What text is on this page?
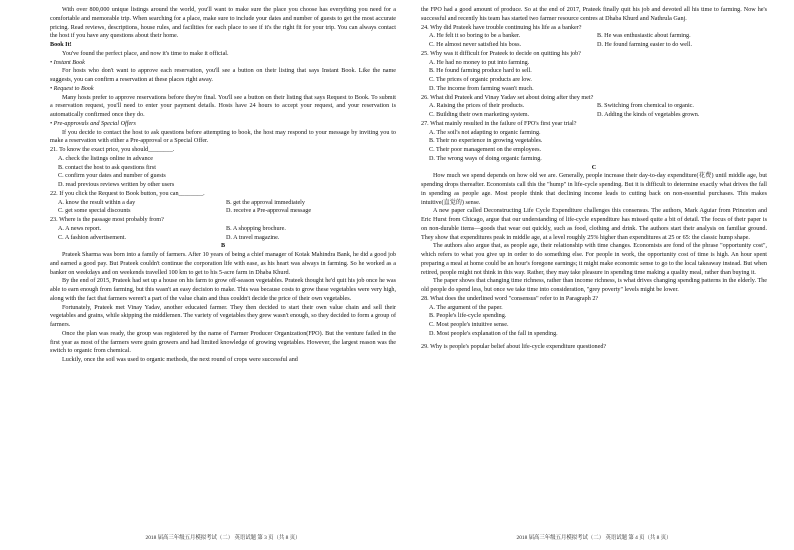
With over 800,000 unique listings around the world, you'll want to make sure the place you choose has everything you need for a comfortable and memorable trip. When searching for a place, make sure to include your dates and number of guests to get the most accurate pricing. Read reviews, descriptions, house rules, and facilities for each place to see if it's the right fit for your trip. You can always contact the host if you have any questions about their home.

Book It!

You've found the perfect place, and now it's time to make it official.

• Instant Book

For hosts who don't want to approve each reservation, you'll see a button on their listing that says Instant Book. Like the name suggests, you can confirm a reservation at these places right away.

• Request to Book

Many hosts prefer to approve reservations before they're final. You'll see a button on their listing that says Request to Book. To submit a reservation request, you'll need to enter your payment details. Hosts have 24 hours to accept your request, and your reservation is automatically confirmed once they do.

• Pre-approvals and Special Offers

If you decide to contact the host to ask questions before attempting to book, the host may respond to your message by inviting you to make a reservation with either a Pre-approval or a Special Offer.

21. To know the exact price, you should________.

A. check the listings online in advance

B. contact the host to ask questions first

C. confirm your dates and number of guests

D. read previous reviews written by other users

22. If you click the Request to Book button, you can________.

A. know the result within a day	B. get the approval immediately
C. get some special discounts	D. receive a Pre-approval message

23. Where is the passage most probably from?

A. A news report.	B. A shopping brochure.
C. A fashion advertisement.	D. A travel magazine.

B

Prateek Sharma was born into a family of farmers. After 10 years of being a chief manager of Kotak Mahindra Bank, he did a good job and earned a good pay. But Prateek couldn't continue the corporation life with ease, as his heart was always in farming. So he worked as a banker on weekdays and on weekends travelled 100 km to get to his 5-acre farm in Dhaba Khurd.

By the end of 2015, Prateek had set up a house on his farm to grow off-season vegetables. Prateek thought he'd quit his job once he was able to earn enough from farming, but this wasn't an easy decision to make. This was because costs to grow these vegetables were very high, along with the fact that farmers weren't a part of the value chain and thus couldn't decide the price of their own vegetables.

Fortunately, Prateek met Vinay Yadav, another educated farmer. They then decided to start their own value chain and sell their vegetables and grains, while skipping the middlemen. The variety of vegetables they grew wasn't enough, so they decided to form a group of farmers.

Once the plan was ready, the group was registered by the name of Farmer Producer Organization(FPO). But the venture failed in the first year as most of the farmers were grain growers and had limited knowledge of growing vegetables. However, the largest reason was the switch to organic from chemical.

Luckily, once the soil was used to organic methods, the next round of crops were successful and

the FPO had a good amount of produce. So at the end of 2017, Prateek finally quit his job and devoted all his time to farming. Now he's successful and recently his team has started two farmer resource centres at Dhaba Khurd and Nathrula Ganj.

24. Why did Prateek have trouble continuing his life as a banker?

A. He felt it so boring to be a banker.	B. He was enthusiastic about farming.
C. He almost never satisfied his boss.	D. He found farming easier to do well.

25. Why was it difficult for Prateek to decide on quitting his job?

A. He had no money to put into farming.

B. He found farming produce hard to sell.

C. The prices of organic products are low.

D. The income from farming wasn't much.

26. What did Prateek and Vinay Yadav set about doing after they met?

A. Raising the prices of their products.	B. Switching from chemical to organic.
C. Building their own marketing system.	D. Adding the kinds of vegetables grown.

27. What mainly resulted in the failure of FPO's first year trial?

A. The soil's not adapting to organic farming.

B. Their no experience in growing vegetables.

C. Their poor management on the employees.

D. The wrong ways of doing organic farming.

C

How much we spend depends on how old we are. Generally, people increase their day-to-day expenditure(花费) until middle age, but spending drops thereafter. Economists call this the "hump" in life-cycle spending. But it is difficult to determine exactly what drives the fall in spending as people age. Most people think that declining income leads to cutting back on non-essential purchases. This makes intuitive(直觉的) sense.

A new paper called Deconstructing Life Cycle Expenditure challenges this consensus. The authors, Mark Aguiar from Princeton and Eric Hurst from Chicago, argue that our understanding of life-cycle expenditure has missed quite a bit of detail. The focus of their paper is on non-durable items—goods that wear out quickly, such as food, clothing and drink. The authors start their analysis on familiar ground. They show that expenditures peak in middle age, at a level roughly 25% higher than expenditures at 25 or 65: the classic hump shape.

The authors also argue that, as people age, their relationship with time changes. Economists are fond of the phrase "opportunity cost", which refers to what you give up in order to do something else. For people in work, the opportunity cost of time is high. An hour spent preparing a meal at home could be an hour's foregone earnings; it might make economic sense to go to the local takeaway instead. But when retired, people might not think in this way. Rather, they may take pleasure in spending time making a quality meal, rather than buying it.

The paper shows that changing time richness, rather than income richness, is what drives changing spending patterns in the elderly. The old people do spend less, but once we take time into consideration, "grey poverty" levels might be lower.

28. What does the underlined word "consensus" refer to in Paragraph 2?

A. The argument of the paper.

B. People's life-cycle spending.

C. Most people's intuitive sense.

D. Most people's explanation of the fall in spending.

29. Why is people's popular belief about life-cycle expenditure questioned?

2018 届高三年级五月模拟考试（二） 英语试题 第 3 页（共 8 页）	2018 届高三年级五月模拟考试（二） 英语试题 第 4 页（共 8 页）
